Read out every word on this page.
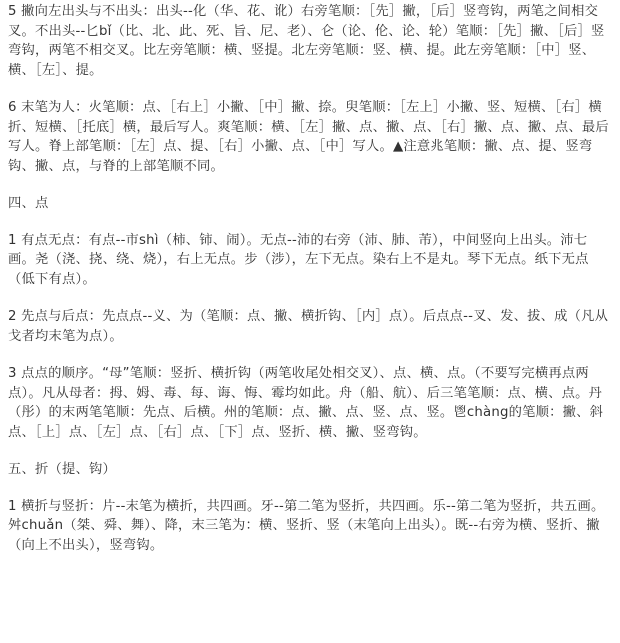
5 撇向左出头与不出头：出头--化（华、花、讹）右旁笔顺：［先］撇，［后］竖弯钩，两笔之间相交叉。不出头--匕bǐ（比、北、此、死、旨、尼、老）、仑（论、伦、论、轮）笔顺：［先］撇、［后］竖弯钩，两笔不相交叉。比左旁笔顺：横、竖提。北左旁笔顺：竖、横、提。此左旁笔顺：［中］竖、横、［左］、提。

6 末笔为人：火笔顺：点、［右上］小撇、［中］撇、捺。臾笔顺：［左上］小撇、竖、短横、［右］横折、短横、［托底］横，最后写人。爽笔顺：横、［左］撇、点、撇、点、［右］撇、点、撇、点、最后写人。脊上部笔顺：［左］点、提、［右］小撇、点、［中］写人。▲注意兆笔顺：撇、点、提、竖弯钩、撇、点，与脊的上部笔顺不同。

四、点

1 有点无点：有点--市shì（柿、铈、闹）。无点--沛的右旁（沛、肺、芾），中间竖向上出头。沛七画。尧（浇、挠、绕、烧），右上无点。步（涉），左下无点。染右上不是丸。琴下无点。纸下无点（低下有点）。

2 先点与后点：先点点--义、为（笔顺：点、撇、横折钩、［内］点）。后点点--叉、发、拔、成（凡从戈者均末笔为点）。

3 点点的顺序。“母”笔顺：竖折、横折钩（两笔收尾处相交叉）、点、横、点。（不要写完横再点两点）。凡从母者：拇、姆、毒、每、诲、悔、霉均如此。舟（船、航）、后三笔笔顺：点、横、点。丹（彤）的末两笔笔顺：先点、后横。州的笔顺：点、撇、点、竖、点、竖。鬯chàng的笔顺：撇、斜点、［上］点、［左］点、［右］点、［下］点、竖折、横、撇、竖弯钩。

五、折（提、钩）

1 横折与竖折：片--末笔为横折，共四画。牙--第二笔为竖折，共四画。乐--第二笔为竖折，共五画。舛chuǎn（桀、舜、舞）、降，末三笔为：横、竖折、竖（末笔向上出头）。既--右旁为横、竖折、撇（向上不出头），竖弯钩。
